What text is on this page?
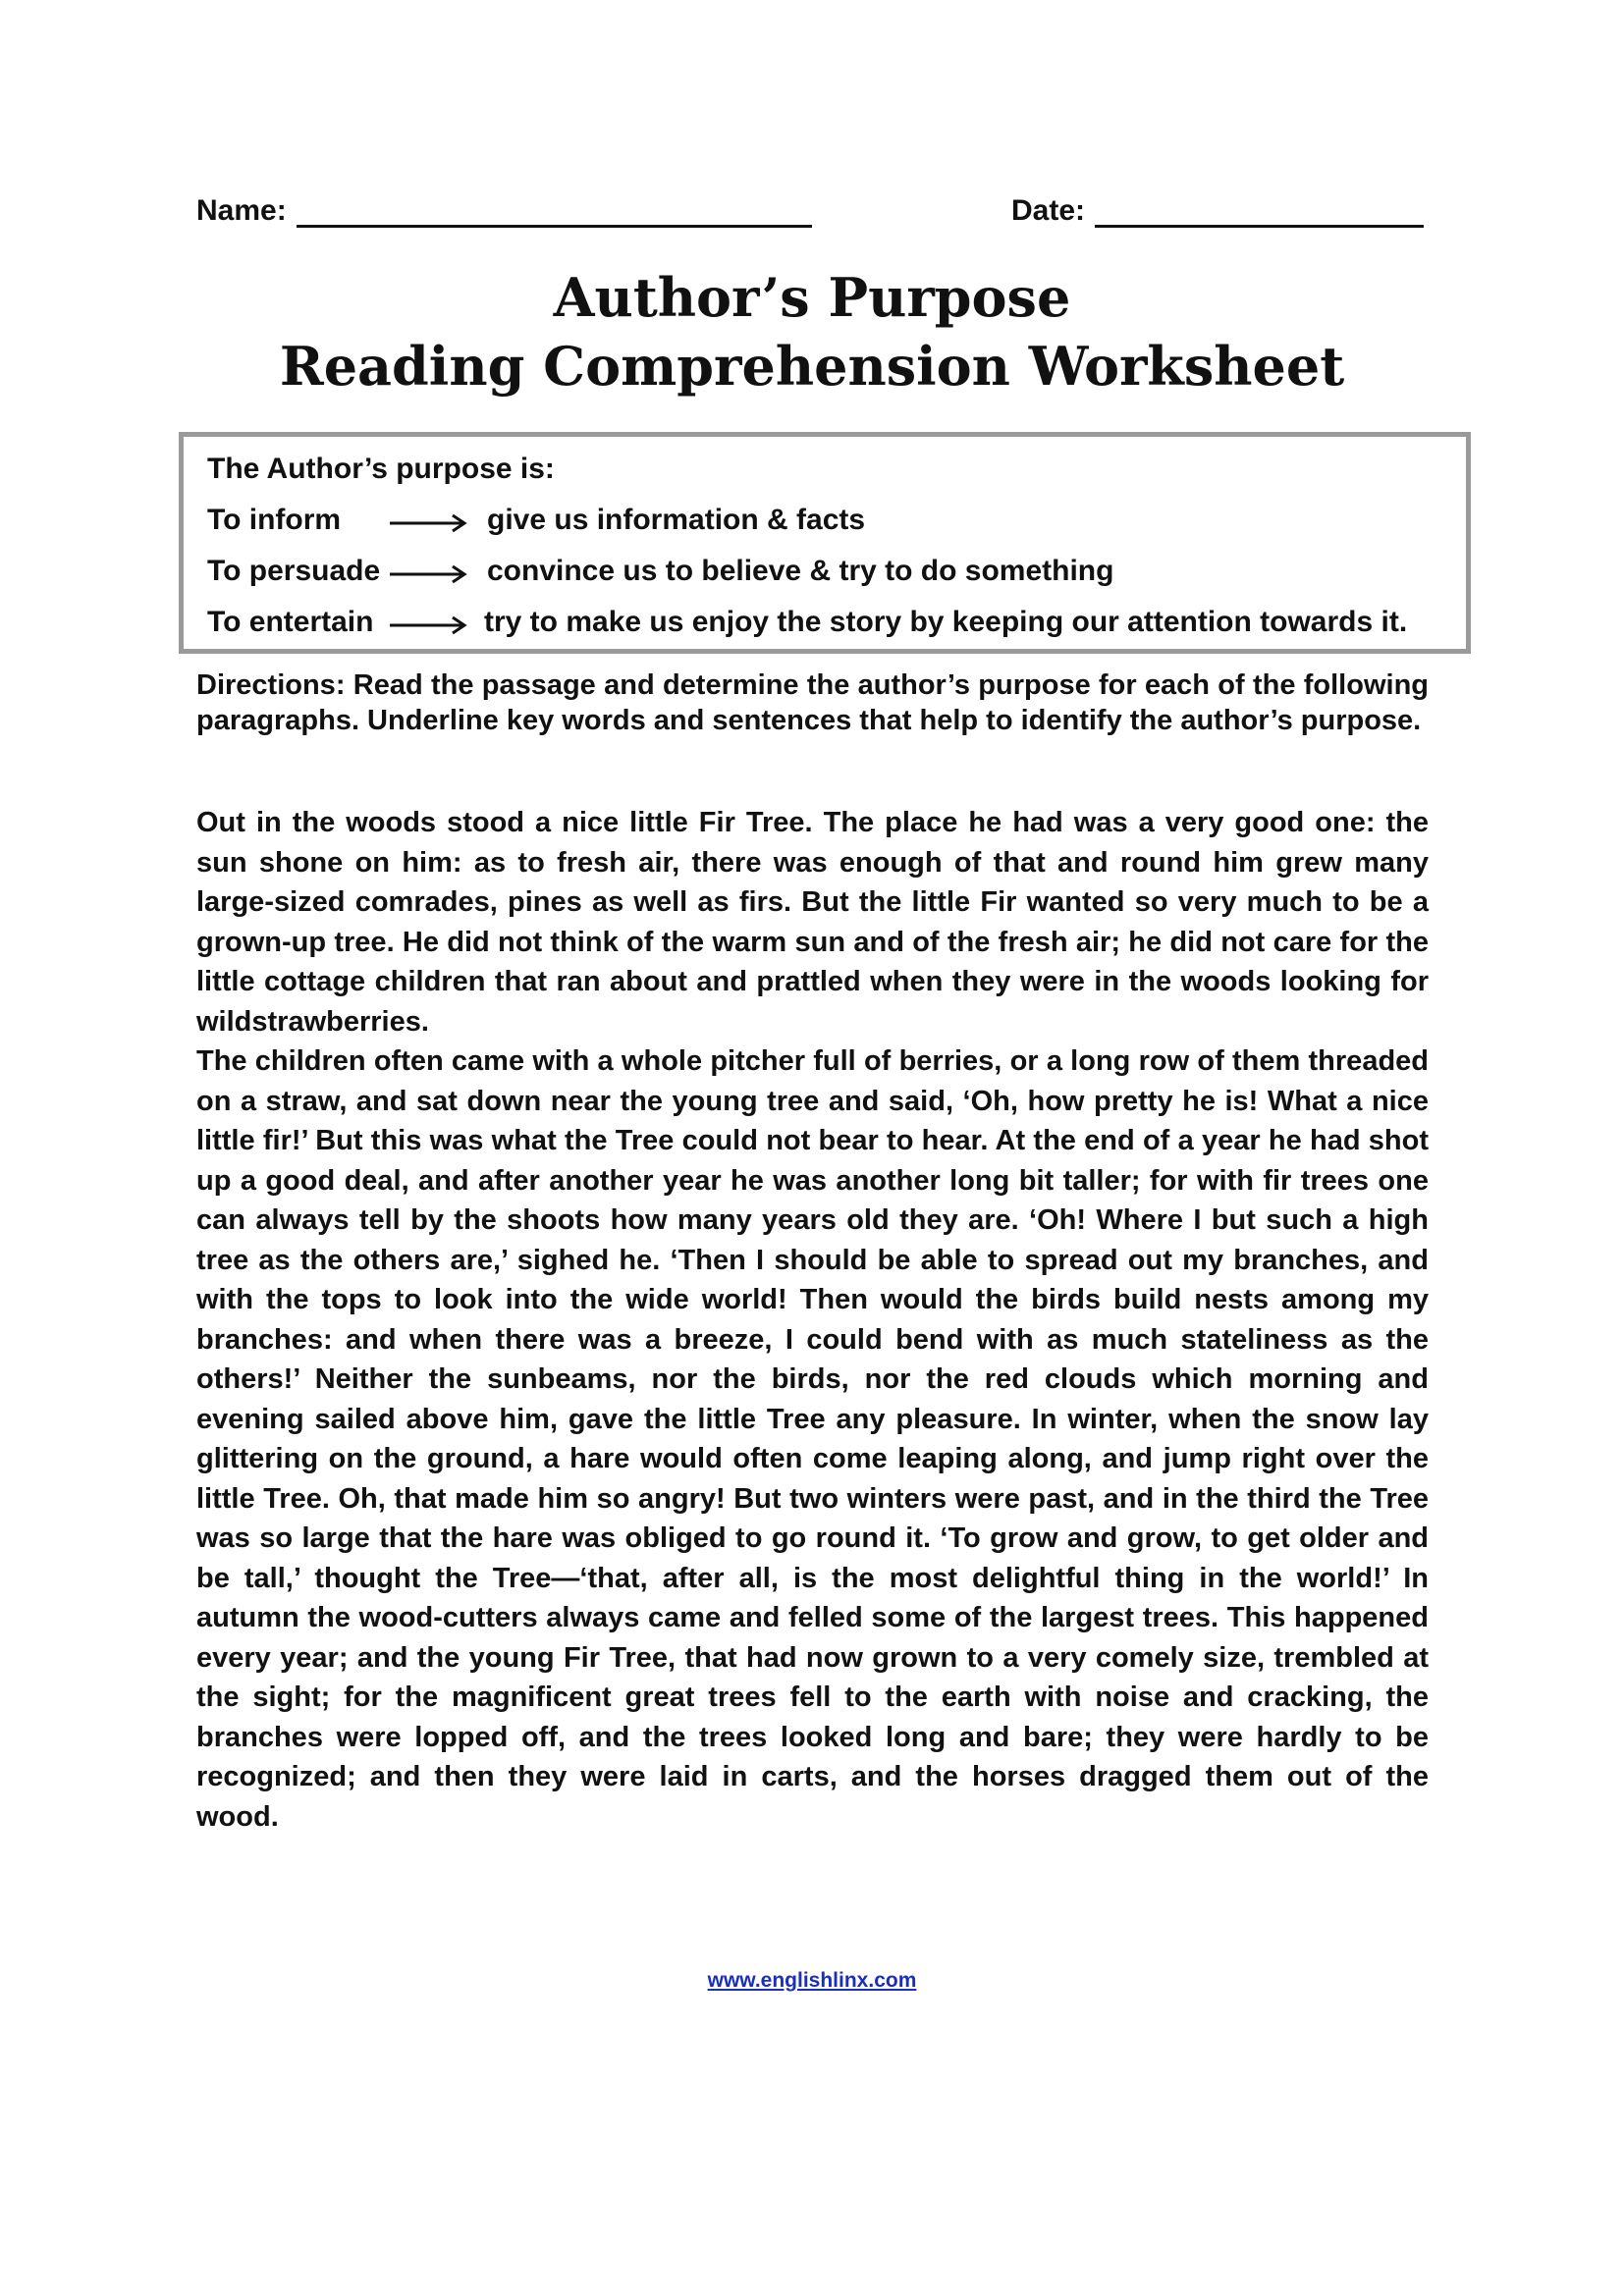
Name:	Date:
Author’s Purpose
Reading Comprehension Worksheet
The Author’s purpose is:
To inform	give us information & facts
To persuade	convince us to believe & try to do something
To entertain	try to make us enjoy the story by keeping our attention towards it.
Directions: Read the passage and determine the author’s purpose for each of the following paragraphs. Underline key words and sentences that help to identify the author’s purpose.

Out in the woods stood a nice little Fir Tree. The place he had was a very good one: the sun shone on him: as to fresh air, there was enough of that and round him grew many large-sized comrades, pines as well as firs. But the little Fir wanted so very much to be a grown-up tree. He did not think of the warm sun and of the fresh air; he did not care for the little cottage children that ran about and prattled when they were in the woods looking for wildstrawberries.

The children often came with a whole pitcher full of berries, or a long row of them threaded on a straw, and sat down near the young tree and said, ‘Oh, how pretty he is! What a nice little fir!’ But this was what the Tree could not bear to hear. At the end of a year he had shot up a good deal, and after another year he was another long bit taller; for with fir trees one can always tell by the shoots how many years old they are. ‘Oh! Where I but such a high tree as the others are,’ sighed he. ‘Then I should be able to spread out my branches, and with the tops to look into the wide world! Then would the birds build nests among my branches: and when there was a breeze, I could bend with as much stateliness as the others!’ Neither the sunbeams, nor the birds, nor the red clouds which morning and evening sailed above him, gave the little Tree any pleasure. In winter, when the snow lay glittering on the ground, a hare would often come leaping along, and jump right over the little Tree. Oh, that made him so angry! But two winters were past, and in the third the Tree was so large that the hare was obliged to go round it. ‘To grow and grow, to get older and be tall,’ thought the Tree—‘that, after all, is the most delightful thing in the world!’ In autumn the wood-cutters always came and felled some of the largest trees. This happened every year; and the young Fir Tree, that had now grown to a very comely size, trembled at the sight; for the magnificent great trees fell to the earth with noise and cracking, the branches were lopped off, and the trees looked long and bare; they were hardly to be recognized; and then they were laid in carts, and the horses dragged them out of the wood.

www.englishlinx.com
